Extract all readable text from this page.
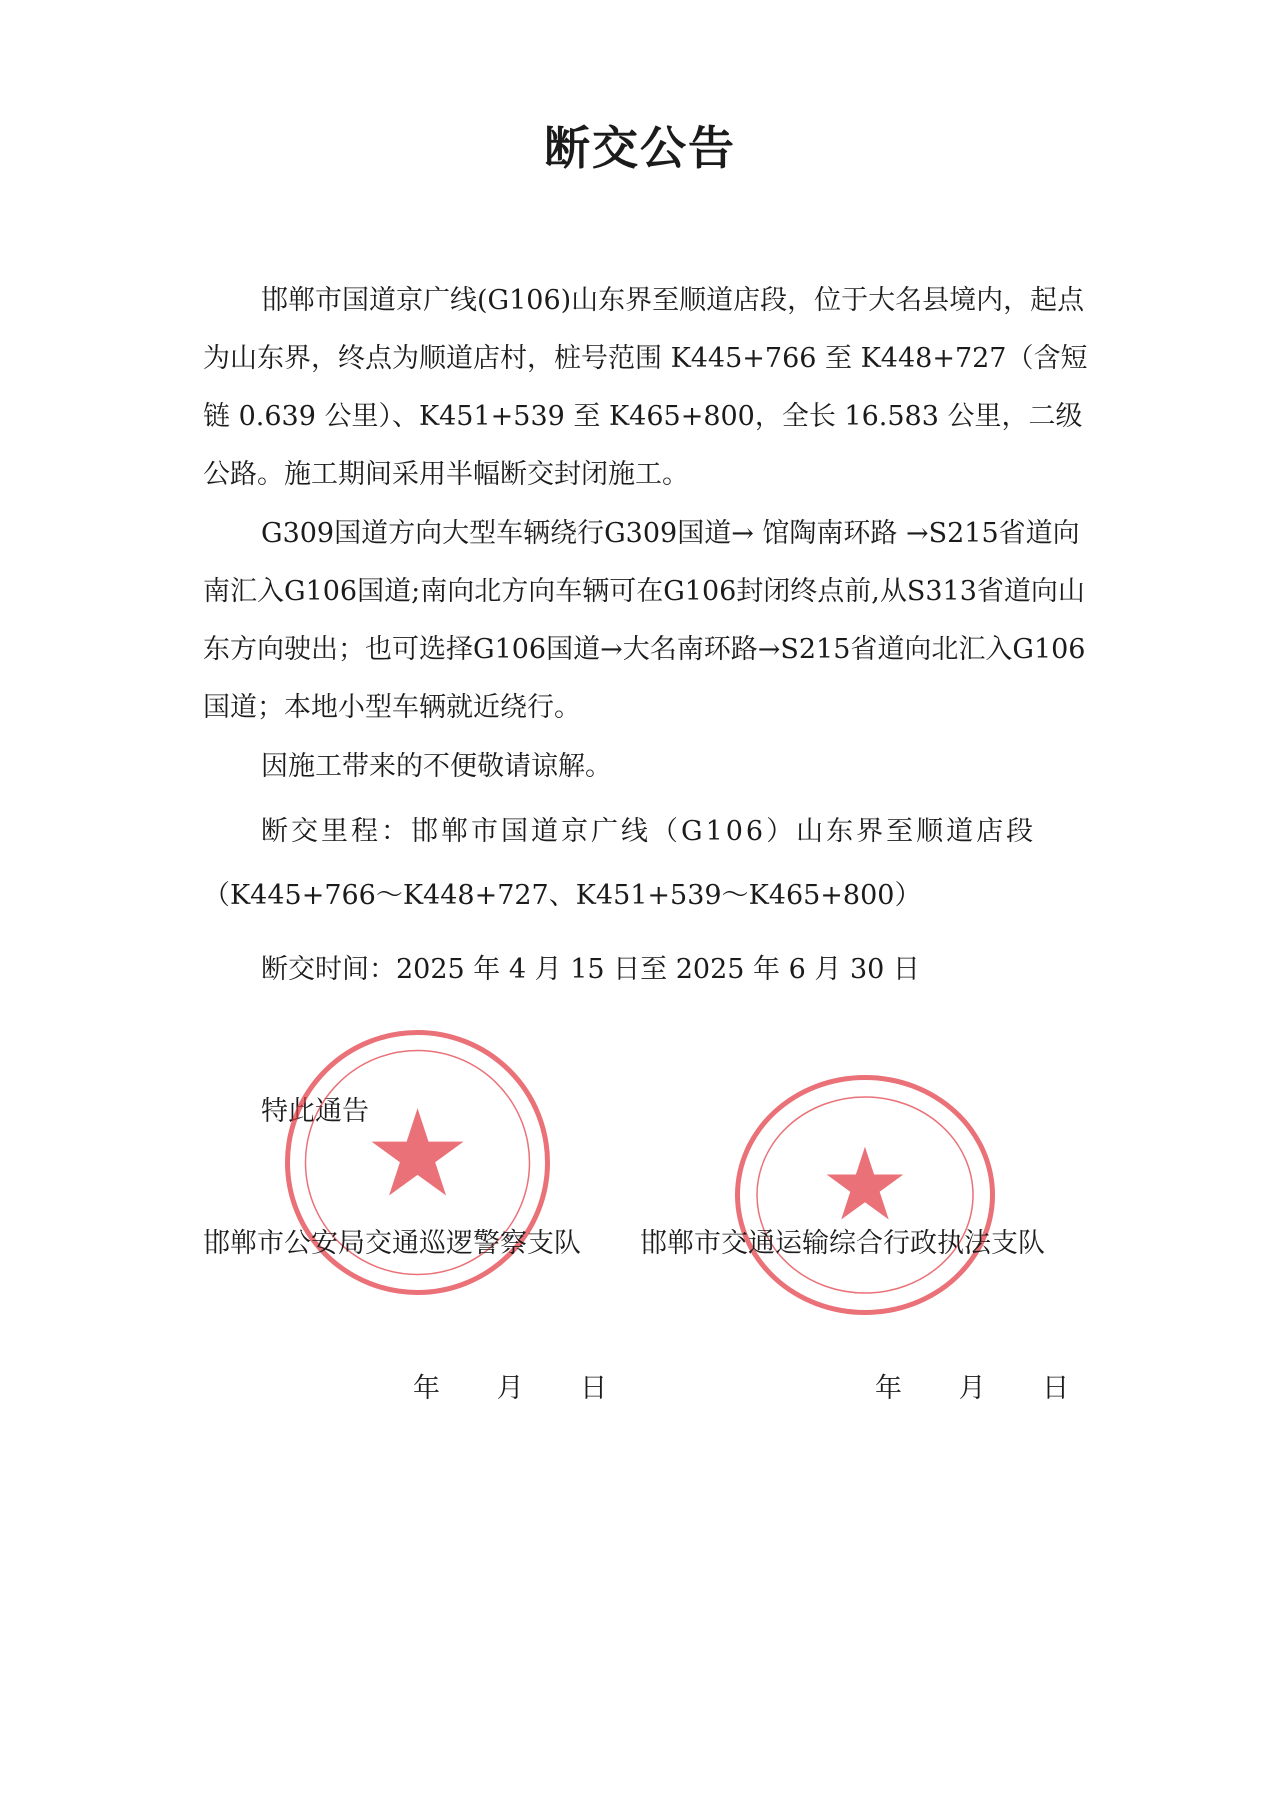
断交公告

邯郸市国道京广线(G106)山东界至顺道店段，位于大名县境内，起点为山东界，终点为顺道店村，桩号范围 K445+766 至 K448+727（含短链 0.639 公里）、K451+539 至 K465+800，全长 16.583 公里，二级公路。施工期间采用半幅断交封闭施工。

G309国道方向大型车辆绕行G309国道→ 馆陶南环路 →S215省道向南汇入G106国道;南向北方向车辆可在G106封闭终点前,从S313省道向山东方向驶出；也可选择G106国道→大名南环路→S215省道向北汇入G106国道；本地小型车辆就近绕行。

因施工带来的不便敬请谅解。

断交里程：邯郸市国道京广线（G106）山东界至顺道店段
（K445+766～K448+727、K451+539～K465+800）
断交时间：2025 年 4 月 15 日至 2025 年 6 月 30 日
特此通告
★	★
邯郸市公安局交通巡逻警察支队 邯郸市交通运输综合行政执法支队
年 月 日	年 月 日
